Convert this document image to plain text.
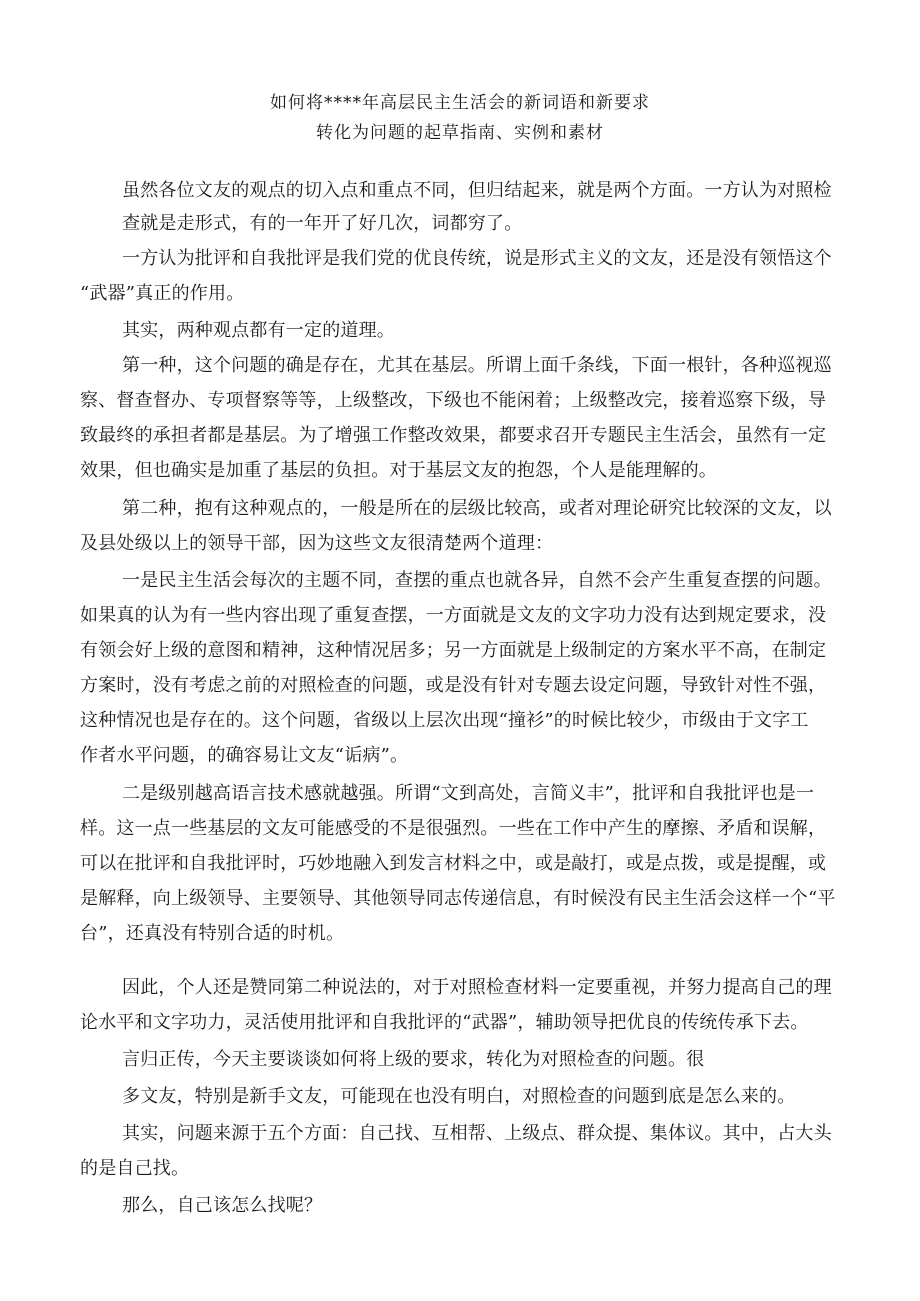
如何将****年高层民主生活会的新词语和新要求
转化为问题的起草指南、实例和素材
虽然各位文友的观点的切入点和重点不同，但归结起来，就是两个方面。一方认为对照检
查就是走形式，有的一年开了好几次，词都穷了。
一方认为批评和自我批评是我们党的优良传统，说是形式主义的文友，还是没有领悟这个
“武器”真正的作用。
其实，两种观点都有一定的道理。
第一种，这个问题的确是存在，尤其在基层。所谓上面千条线，下面一根针，各种巡视巡
察、督查督办、专项督察等等，上级整改，下级也不能闲着；上级整改完，接着巡察下级，导
致最终的承担者都是基层。为了增强工作整改效果，都要求召开专题民主生活会，虽然有一定
效果，但也确实是加重了基层的负担。对于基层文友的抱怨，个人是能理解的。
第二种，抱有这种观点的，一般是所在的层级比较高，或者对理论研究比较深的文友，以
及县处级以上的领导干部，因为这些文友很清楚两个道理：
一是民主生活会每次的主题不同，查摆的重点也就各异，自然不会产生重复查摆的问题。
如果真的认为有一些内容出现了重复查摆，一方面就是文友的文字功力没有达到规定要求，没
有领会好上级的意图和精神，这种情况居多；另一方面就是上级制定的方案水平不高，在制定
方案时，没有考虑之前的对照检查的问题，或是没有针对专题去设定问题，导致针对性不强，
这种情况也是存在的。这个问题，省级以上层次出现“撞衫”的时候比较少，市级由于文字工
作者水平问题，的确容易让文友“诟病”。
二是级别越高语言技术感就越强。所谓“文到高处，言简义丰”，批评和自我批评也是一
样。这一点一些基层的文友可能感受的不是很强烈。一些在工作中产生的摩擦、矛盾和误解，
可以在批评和自我批评时，巧妙地融入到发言材料之中，或是敲打，或是点拨，或是提醒，或
是解释，向上级领导、主要领导、其他领导同志传递信息，有时候没有民主生活会这样一个“平
台”，还真没有特别合适的时机。
因此，个人还是赞同第二种说法的，对于对照检查材料一定要重视，并努力提高自己的理
论水平和文字功力，灵活使用批评和自我批评的“武器”，辅助领导把优良的传统传承下去。
言归正传，今天主要谈谈如何将上级的要求，转化为对照检查的问题。很
多文友，特别是新手文友，可能现在也没有明白，对照检查的问题到底是怎么来的。
其实，问题来源于五个方面：自己找、互相帮、上级点、群众提、集体议。其中，占大头
的是自己找。
那么，自己该怎么找呢？
